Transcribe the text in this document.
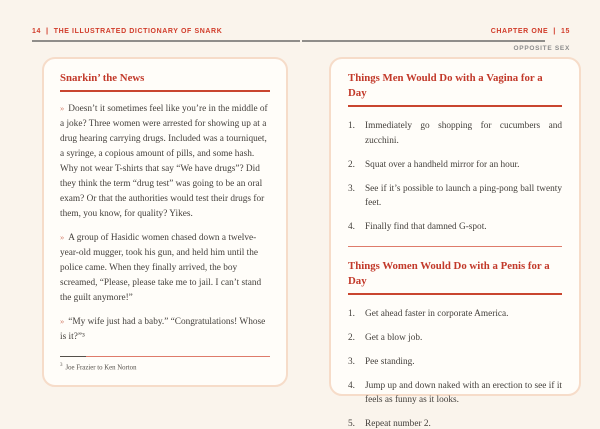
14 | THE ILLUSTRATED DICTIONARY OF SNARK
Snarkin’ the News

» Doesn’t it sometimes feel like you’re in the middle of a joke? Three women were arrested for showing up at a drug hearing carrying drugs. Included was a tourniquet, a syringe, a copious amount of pills, and some hash. Why not wear T-shirts that say “We have drugs”? Did they think the term “drug test” was going to be an oral exam? Or that the authorities would test their drugs for them, you know, for quality? Yikes.

» A group of Hasidic women chased down a twelve-year-old mugger, took his gun, and held him until the police came. When they finally arrived, the boy screamed, “Please, please take me to jail. I can’t stand the guilt anymore!”

» “My wife just had a baby.” “Congratulations! Whose is it?”³

$^3$ Joe Frazier to Ken Norton
CHAPTER ONE | 15
OPPOSITE SEX
Things Men Would Do with a Vagina for a Day
1.	Immediately go shopping for cucumbers and zucchini.
2.	Squat over a handheld mirror for an hour.
3.	See if it’s possible to launch a ping-pong ball twenty feet.
4.	Finally find that damned G-spot.
Things Women Would Do with a Penis for a Day
1.	Get ahead faster in corporate America.
2.	Get a blow job.
3.	Pee standing.
4.	Jump up and down naked with an erection to see if it feels as funny as it looks.
5.	Repeat number 2.
